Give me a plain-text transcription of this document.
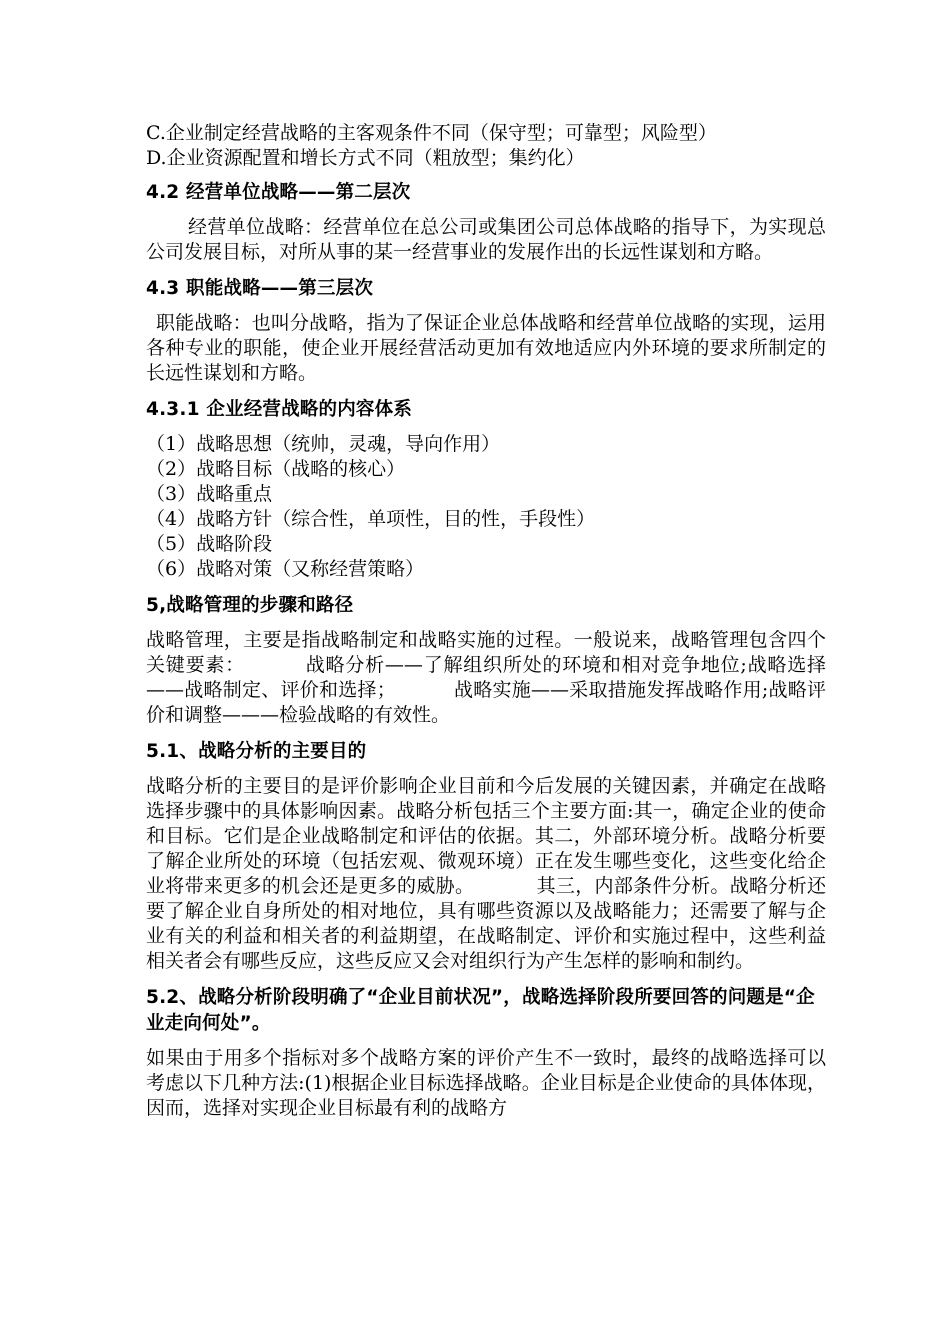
C.企业制定经营战略的主客观条件不同（保守型；可靠型；风险型）

D.企业资源配置和增长方式不同（粗放型；集约化）

4.2 经营单位战略——第二层次

经营单位战略：经营单位在总公司或集团公司总体战略的指导下，为实现总公司发展目标，对所从事的某一经营事业的发展作出的长远性谋划和方略。

4.3 职能战略——第三层次

职能战略：也叫分战略，指为了保证企业总体战略和经营单位战略的实现，运用各种专业的职能，使企业开展经营活动更加有效地适应内外环境的要求所制定的长远性谋划和方略。

4.3.1 企业经营战略的内容体系

（1）战略思想（统帅，灵魂，导向作用）

（2）战略目标（战略的核心）

（3）战略重点

（4）战略方针（综合性，单项性，目的性，手段性）

（5）战略阶段

（6）战略对策（又称经营策略）

5,战略管理的步骤和路径

战略管理，主要是指战略制定和战略实施的过程。一般说来，战略管理包含四个关键要素：	战略分析——了解组织所处的环境和相对竞争地位;战略选择——战略制定、评价和选择；	战略实施——采取措施发挥战略作用;战略评价和调整———检验战略的有效性。

5.1、战略分析的主要目的

战略分析的主要目的是评价影响企业目前和今后发展的关键因素，并确定在战略选择步骤中的具体影响因素。战略分析包括三个主要方面:其一，确定企业的使命和目标。它们是企业战略制定和评估的依据。其二，外部环境分析。战略分析要了解企业所处的环境（包括宏观、微观环境）正在发生哪些变化，这些变化给企业将带来更多的机会还是更多的威胁。	其三，内部条件分析。战略分析还要了解企业自身所处的相对地位，具有哪些资源以及战略能力；还需要了解与企业有关的利益和相关者的利益期望，在战略制定、评价和实施过程中，这些利益相关者会有哪些反应，这些反应又会对组织行为产生怎样的影响和制约。

5.2、战略分析阶段明确了“企业目前状况”，战略选择阶段所要回答的问题是“企业走向何处”。

如果由于用多个指标对多个战略方案的评价产生不一致时，最终的战略选择可以考虑以下几种方法:(1)根据企业目标选择战略。企业目标是企业使命的具体体现，因而，选择对实现企业目标最有利的战略方
